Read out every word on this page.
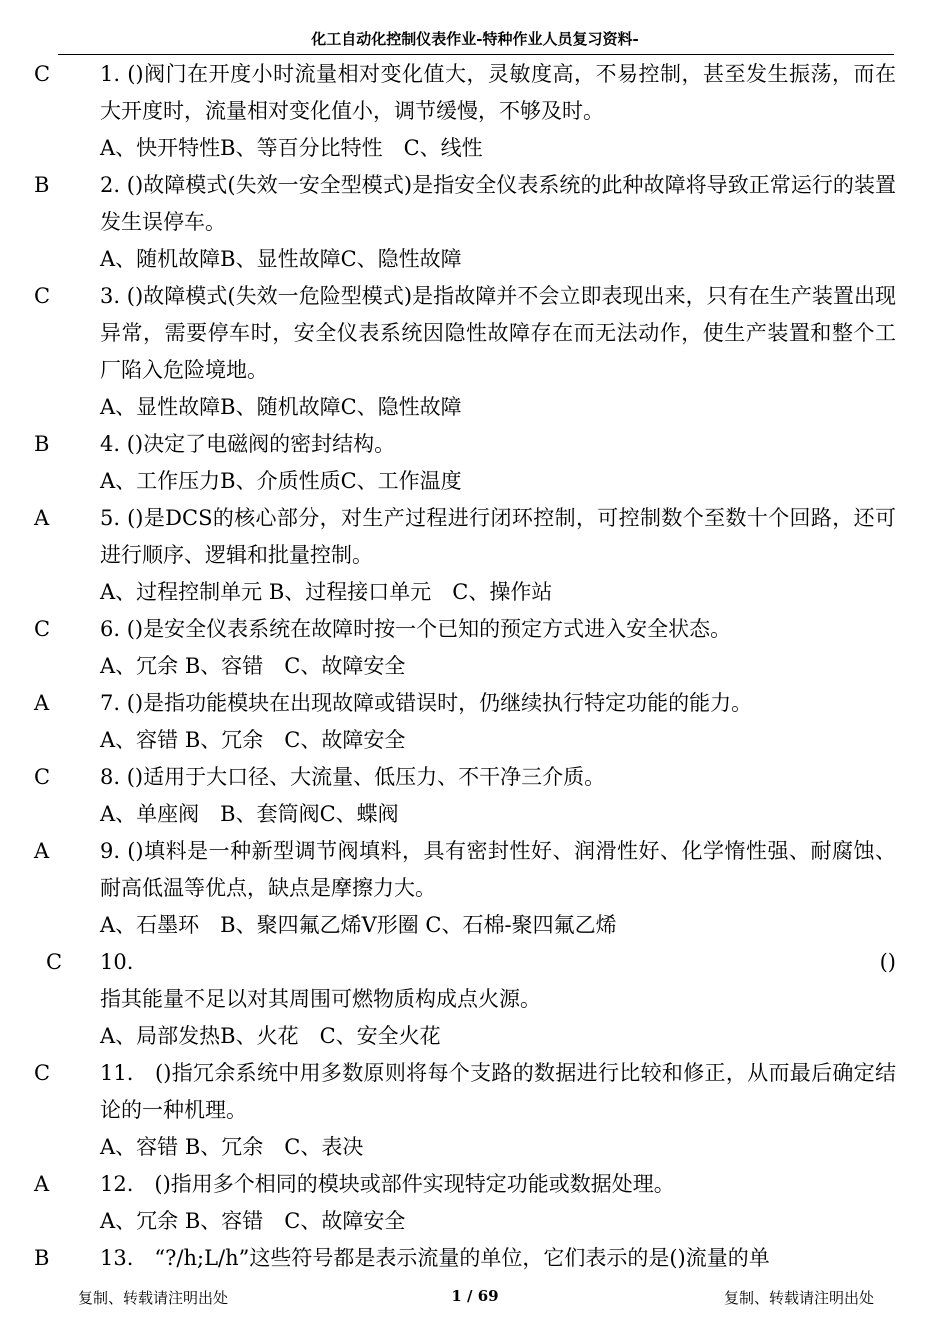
化工自动化控制仪表作业-特种作业人员复习资料-
C	1. ()阀门在开度小时流量相对变化值大，灵敏度高，不易控制，甚至发生振荡，而在大开度时，流量相对变化值小，调节缓慢，不够及时。
A、快开特性B、等百分比特性　C、线性
B	2. ()故障模式(失效一安全型模式)是指安全仪表系统的此种故障将导致正常运行的装置发生误停车。
A、随机故障B、显性故障C、隐性故障
C	3. ()故障模式(失效一危险型模式)是指故障并不会立即表现出来，只有在生产装置出现异常，需要停车时，安全仪表系统因隐性故障存在而无法动作，使生产装置和整个工厂陷入危险境地。
A、显性故障B、随机故障C、隐性故障
B	4. ()决定了电磁阀的密封结构。
A、工作压力B、介质性质C、工作温度
A	5. ()是DCS的核心部分，对生产过程进行闭环控制，可控制数个至数十个回路，还可进行顺序、逻辑和批量控制。
A、过程控制单元 B、过程接口单元　C、操作站
C	6. ()是安全仪表系统在故障时按一个已知的预定方式进入安全状态。
A、冗余 B、容错　C、故障安全
A	7. ()是指功能模块在出现故障或错误时，仍继续执行特定功能的能力。
A、容错 B、冗余　C、故障安全
C	8. ()适用于大口径、大流量、低压力、不干净三介质。
A、单座阀　B、套筒阀C、蝶阀
A	9. ()填料是一种新型调节阀填料，具有密封性好、润滑性好、化学惰性强、耐腐蚀、耐高低温等优点，缺点是摩擦力大。
A、石墨环　B、聚四氟乙烯V形圈 C、石棉-聚四氟乙烯
C	10.	()
指其能量不足以对其周围可燃物质构成点火源。
A、局部发热B、火花　C、安全火花
C	11.　()指冗余系统中用多数原则将每个支路的数据进行比较和修正，从而最后确定结论的一种机理。
A、容错 B、冗余　C、表决
A	12.　()指用多个相同的模块或部件实现特定功能或数据处理。
A、冗余 B、容错　C、故障安全
B	13.　“?/h;L/h”这些符号都是表示流量的单位，它们表示的是()流量的单
复制、转载请注明出处	1 / 69	复制、转载请注明出处
